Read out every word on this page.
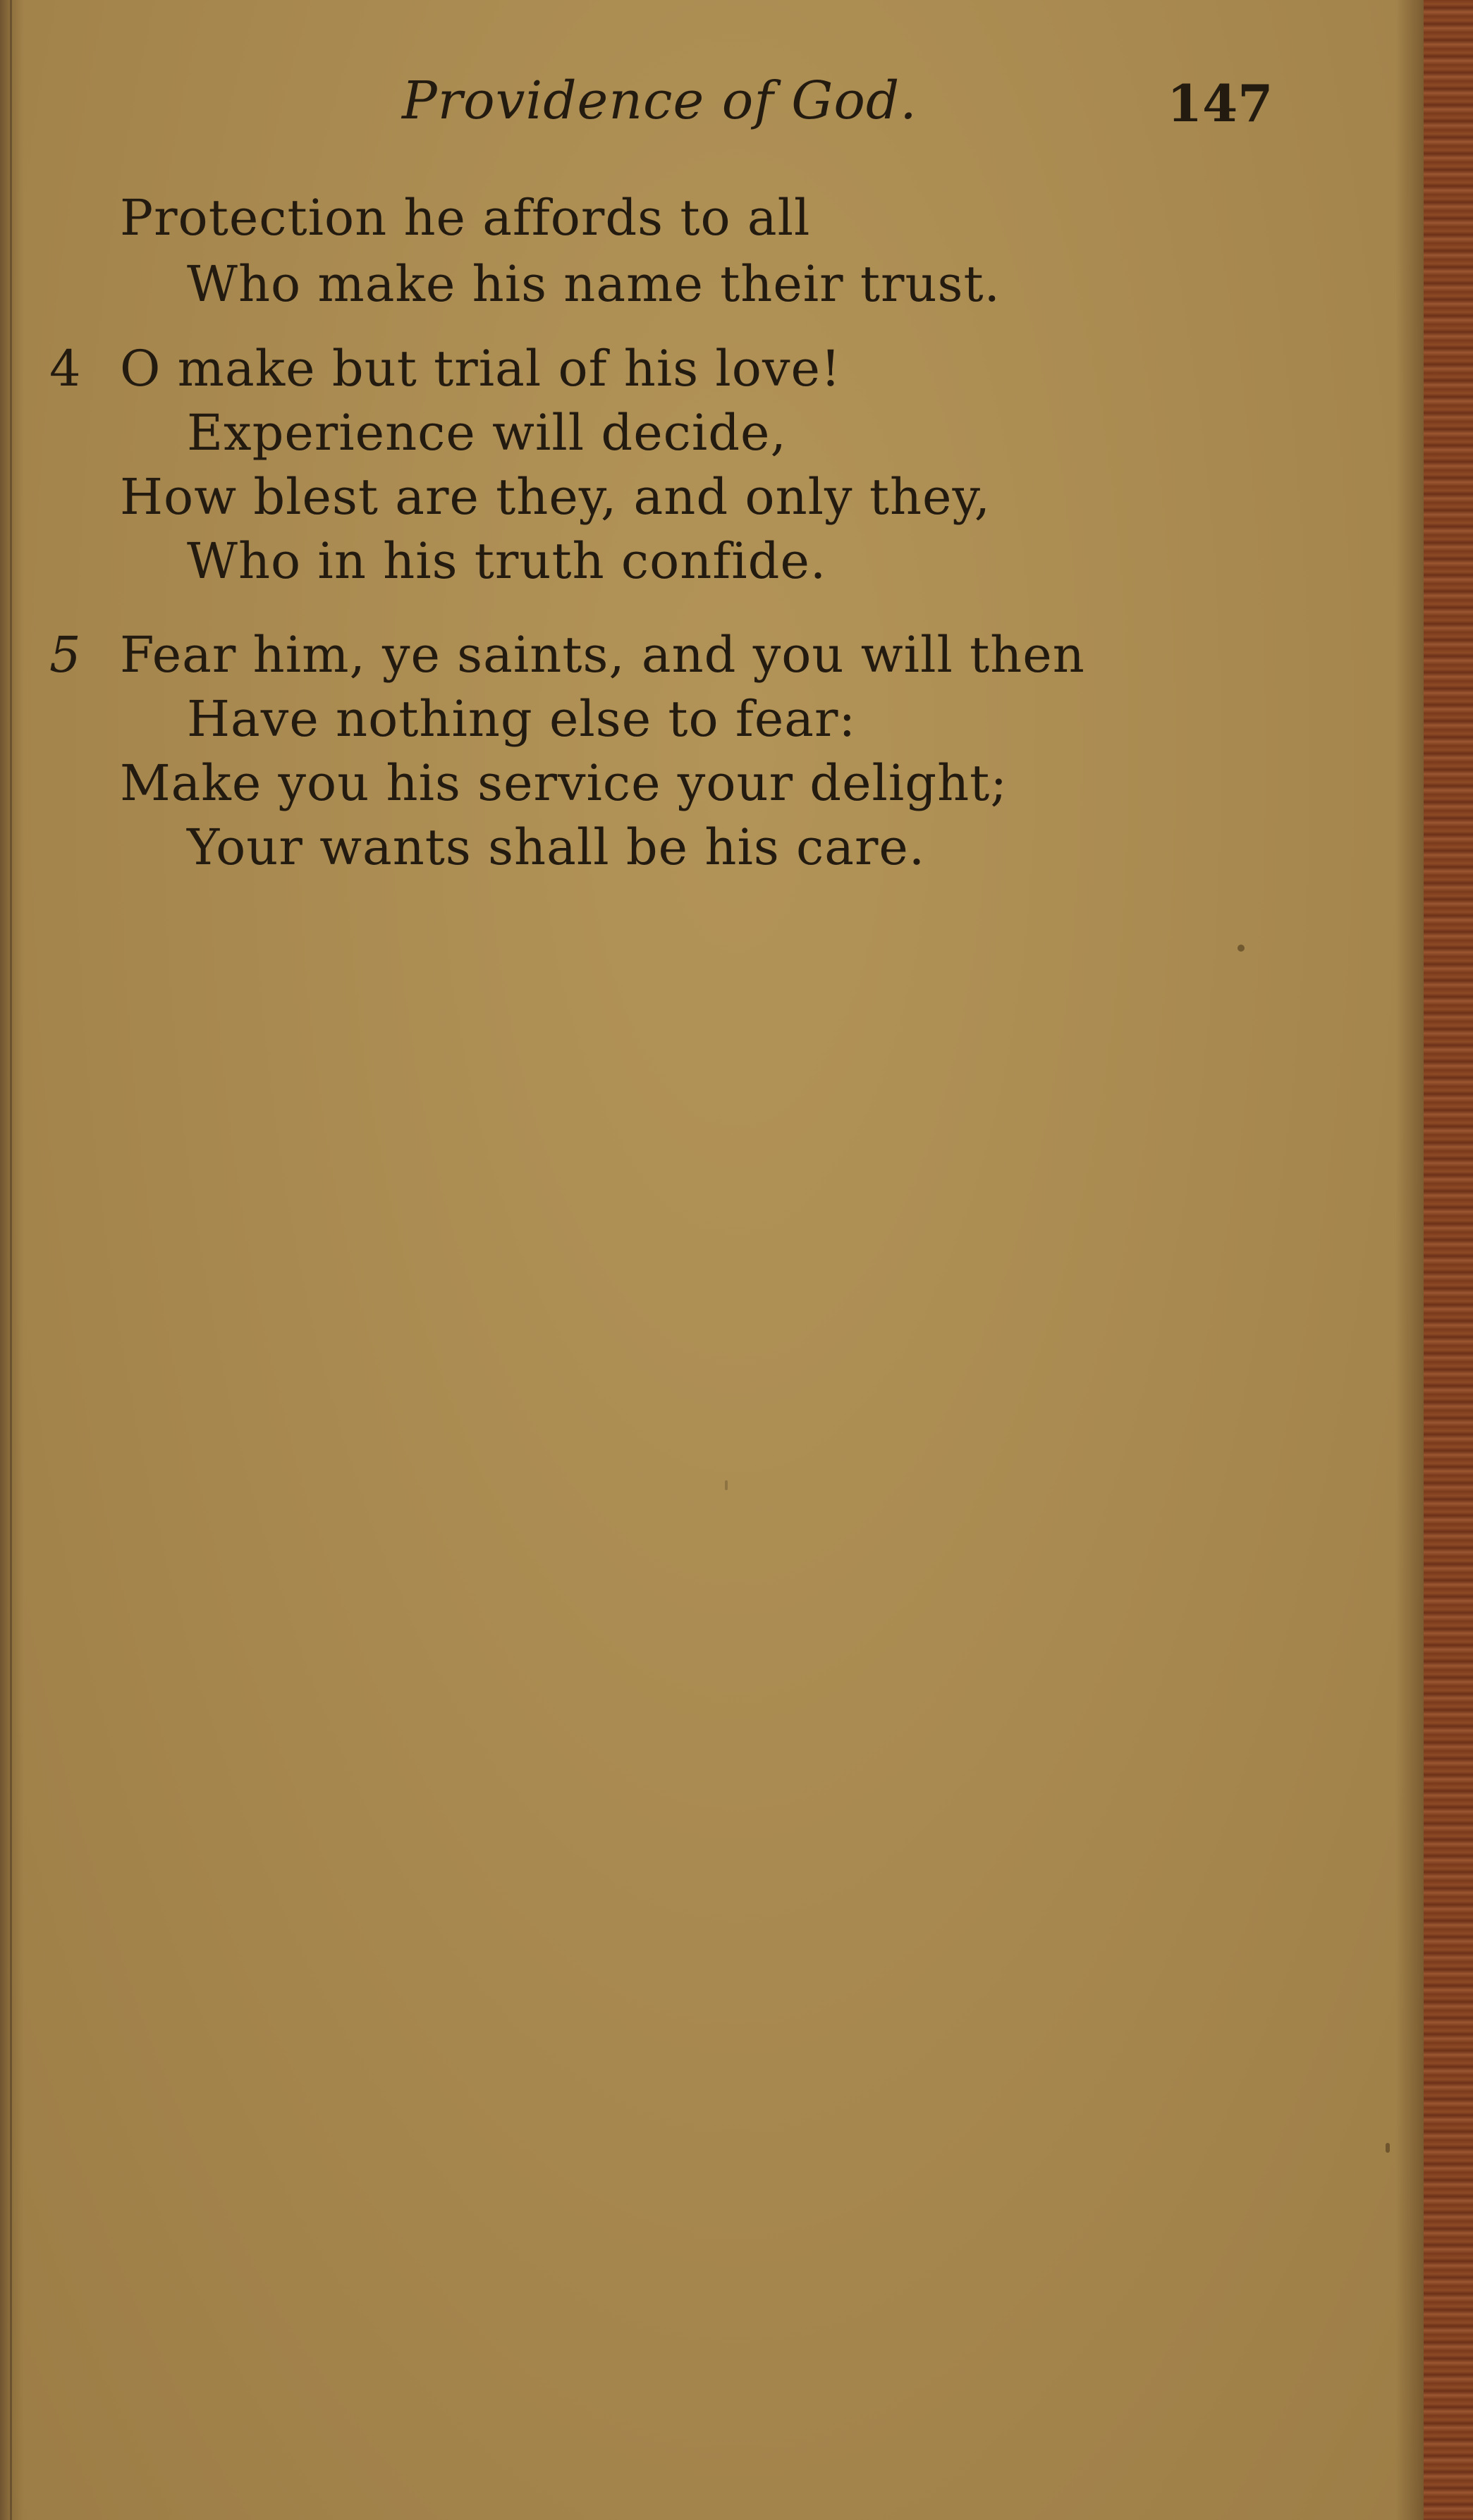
Providence of God.	147
Protection he affords to all
Who make his name their trust.
4 O make but trial of his love!
Experience will decide,
How blest are they, and only they,
Who in his truth confide.
5 Fear him, ye saints, and you will then
Have nothing else to fear:
Make you his service your delight;
Your wants shall be his care.
